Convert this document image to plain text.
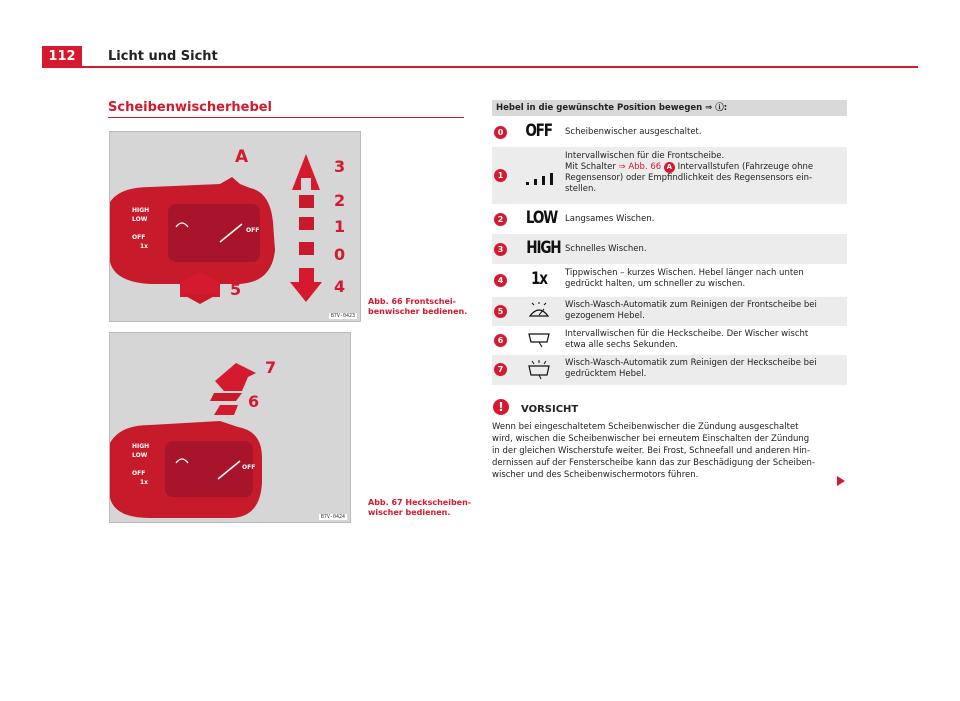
112	Licht und Sicht
Scheibenwischerhebel
A	3
2
1
0
5	4
HIGH
LOW
OFF
1x
OFF
B7V-0423
Abb. 66 Frontschei-
benwischer bedienen.
7
6
HIGH
LOW
OFF
1x
OFF
B7V-0424
Abb. 67 Heckscheiben-
wischer bedienen.
Hebel in die gewünschte Position bewegen ⇒ ⓘ:
0 OFF	Scheibenwischer ausgeschaltet.
1
Intervallwischen für die Frontscheibe.
Mit Schalter ⇒ Abb. 66 A Intervallstufen (Fahrzeuge ohne
Regensensor) oder Empfindlichkeit des Regensensors ein-
stellen.
2 LOW Langsames Wischen.
3 HIGH Schnelles Wischen.
4	1x	Tippwischen – kurzes Wischen. Hebel länger nach unten
gedrückt halten, um schneller zu wischen.
5
Wisch-Wasch-Automatik zum Reinigen der Frontscheibe bei
gezogenem Hebel.
6
Intervallwischen für die Heckscheibe. Der Wischer wischt
etwa alle sechs Sekunden.
7
Wisch-Wasch-Automatik zum Reinigen der Heckscheibe bei
gedrücktem Hebel.
!	VORSICHT
Wenn bei eingeschaltetem Scheibenwischer die Zündung ausgeschaltet
wird, wischen die Scheibenwischer bei erneutem Einschalten der Zündung
in der gleichen Wischerstufe weiter. Bei Frost, Schneefall und anderen Hin-
dernissen auf der Fensterscheibe kann das zur Beschädigung der Scheiben-
wischer und des Scheibenwischermotors führen.
